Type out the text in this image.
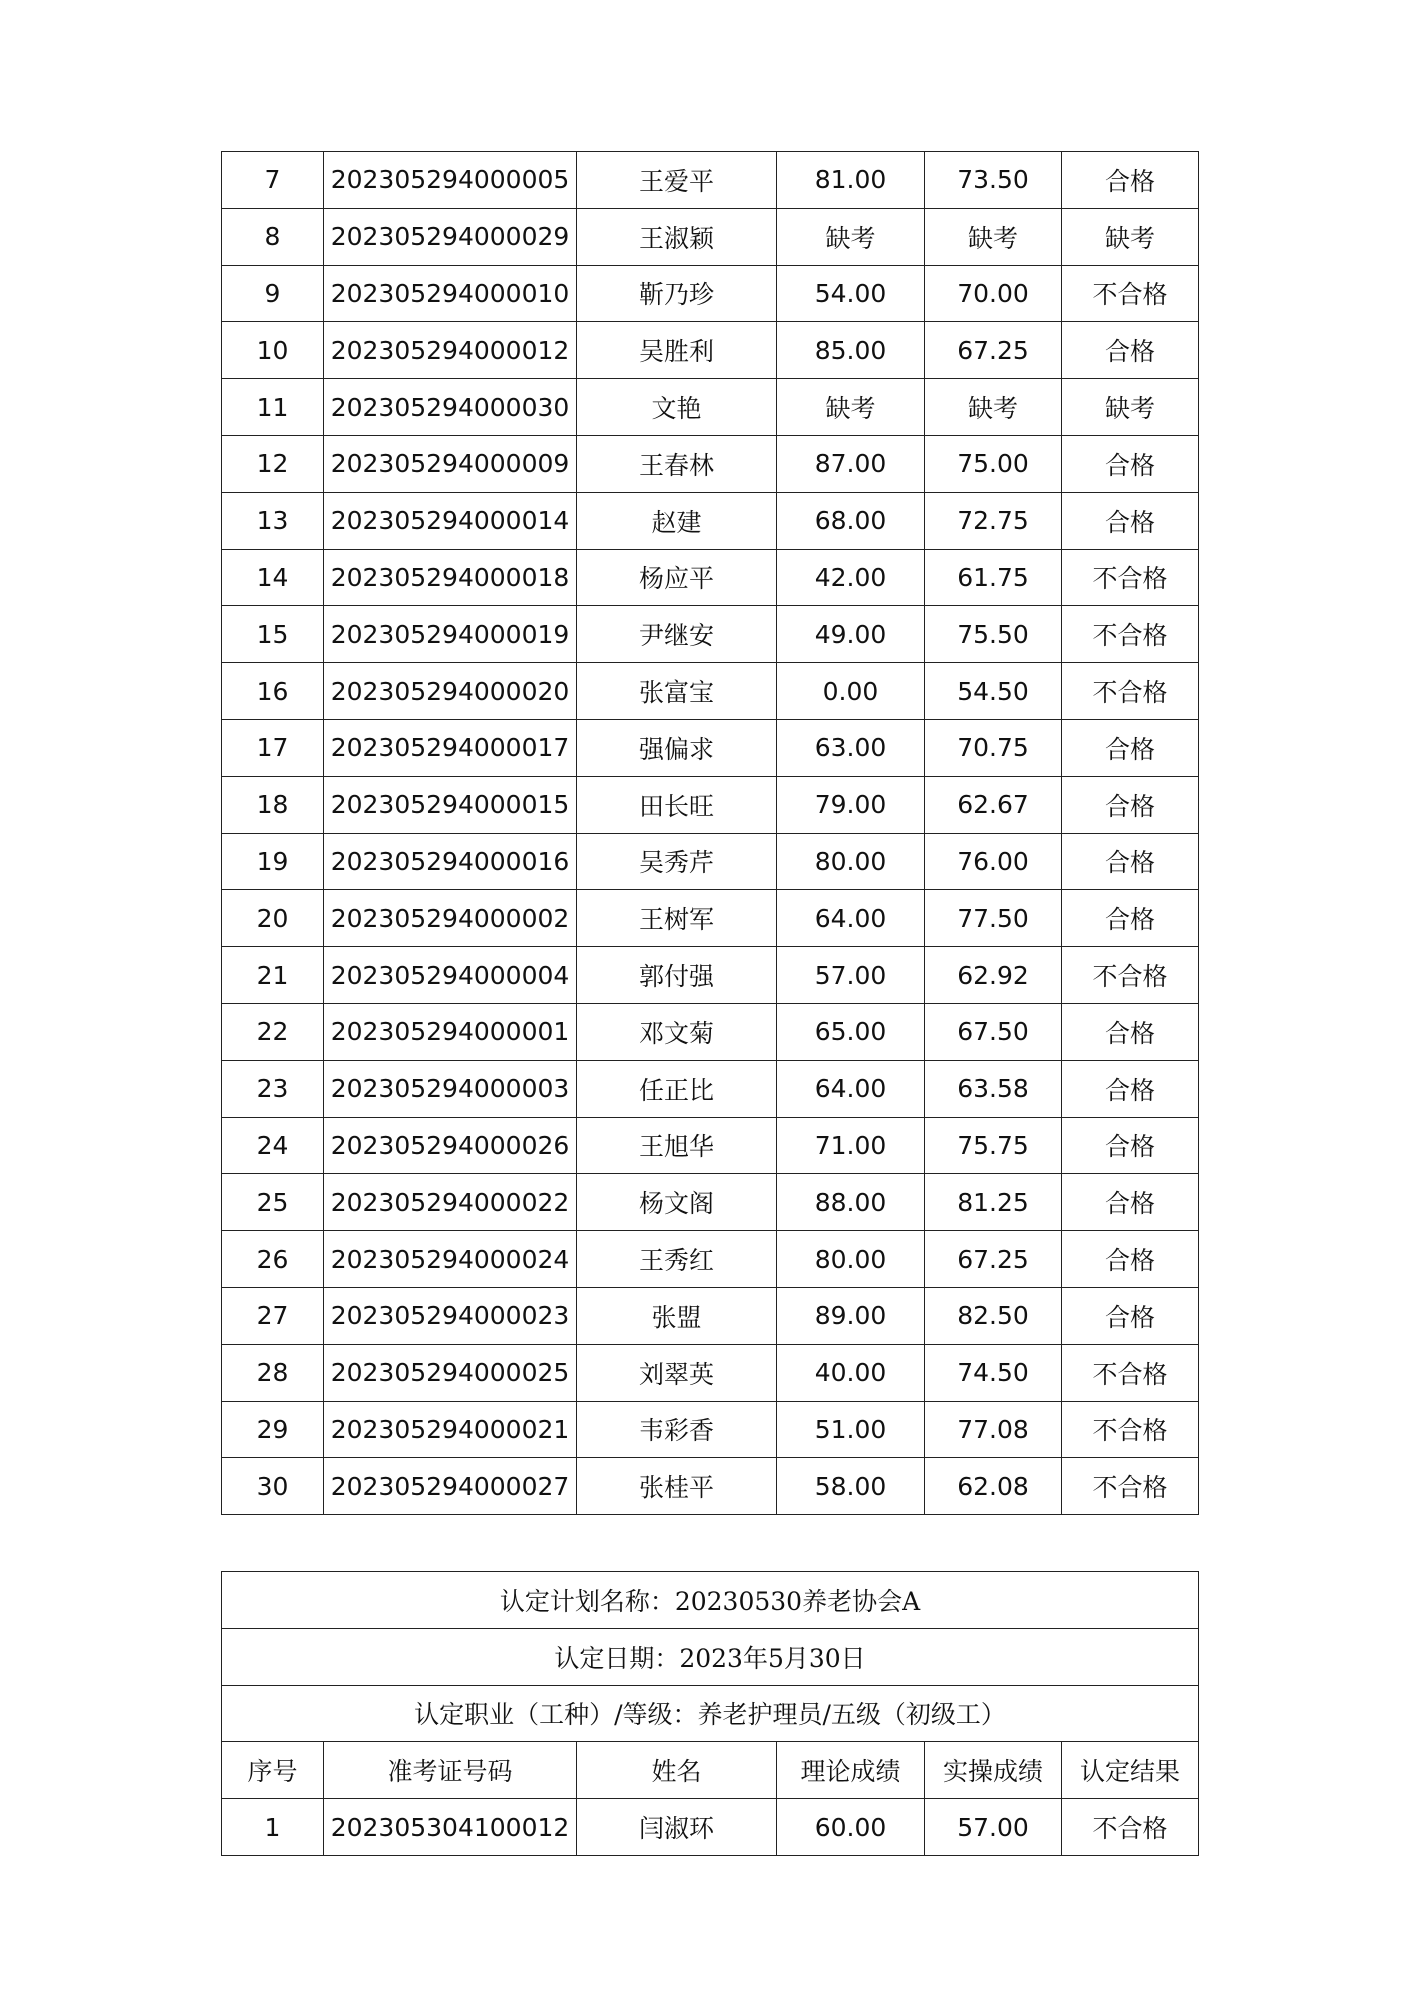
7	202305294000005	王爱平	81.00	73.50	合格
8	202305294000029	王淑颖	缺考	缺考	缺考
9	202305294000010	靳乃珍	54.00	70.00	不合格
10	202305294000012	吴胜利	85.00	67.25	合格
11	202305294000030	文艳	缺考	缺考	缺考
12	202305294000009	王春林	87.00	75.00	合格
13	202305294000014	赵建	68.00	72.75	合格
14	202305294000018	杨应平	42.00	61.75	不合格
15	202305294000019	尹继安	49.00	75.50	不合格
16	202305294000020	张富宝	0.00	54.50	不合格
17	202305294000017	强偏求	63.00	70.75	合格
18	202305294000015	田长旺	79.00	62.67	合格
19	202305294000016	吴秀芹	80.00	76.00	合格
20	202305294000002	王树军	64.00	77.50	合格
21	202305294000004	郭付强	57.00	62.92	不合格
22	202305294000001	邓文菊	65.00	67.50	合格
23	202305294000003	任正比	64.00	63.58	合格
24	202305294000026	王旭华	71.00	75.75	合格
25	202305294000022	杨文阁	88.00	81.25	合格
26	202305294000024	王秀红	80.00	67.25	合格
27	202305294000023	张盟	89.00	82.50	合格
28	202305294000025	刘翠英	40.00	74.50	不合格
29	202305294000021	韦彩香	51.00	77.08	不合格
30	202305294000027	张桂平	58.00	62.08	不合格
认定计划名称：20230530养老协会A					
认定日期：2023年5月30日					
认定职业（工种）/等级：养老护理员/五级（初级工）					
序号	准考证号码	姓名	理论成绩	实操成绩	认定结果
1	202305304100012	闫淑环	60.00	57.00	不合格
